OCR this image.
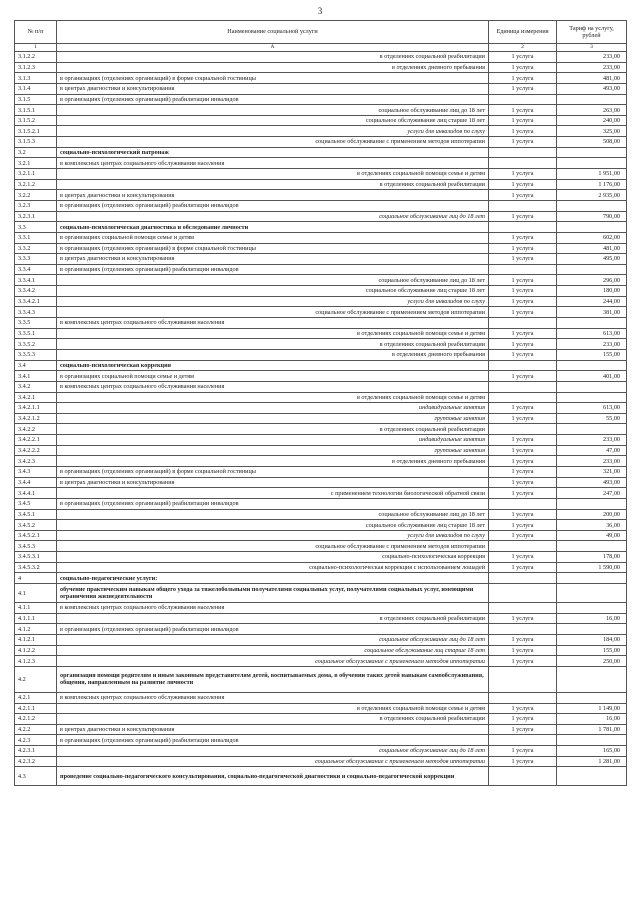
3
№ п/п	Наименование социальной услуги	Единица измерения	Тариф на услугу, рублей
1	А	2	3
3.1.2.2	в отделениях социальной реабилитации	1 услуга	233,00
3.1.2.3	в отделениях дневного пребывания	1 услуга	233,00
3.1.3	в организациях (отделениях организаций) в форме социальной гостиницы	1 услуга	481,00
3.1.4	в центрах диагностики и консультирования	1 услуга	493,00
3.1.5	в организациях (отделениях организаций) реабилитации инвалидов		
3.1.5.1	социальное обслуживание лиц до 18 лет	1 услуга	263,00
3.1.5.2	социальное обслуживание лиц старше 18 лет	1 услуга	240,00
3.1.5.2.1	услуги для инвалидов по слуху	1 услуга	325,00
3.1.5.3	социальное обслуживание с применением методов иппотерапии	1 услуга	508,00
3.2	социально-психологический патронаж		
3.2.1	в комплексных центрах социального обслуживания населения		
3.2.1.1	в отделениях социальной помощи семье и детям	1 услуга	1 951,00
3.2.1.2	в отделениях социальной реабилитации	1 услуга	1 176,00
3.2.2	в центрах диагностики и консультирования	1 услуга	2 935,00
3.2.3	в организациях (отделениях организаций) реабилитации инвалидов		
3.2.3.1	социальное обслуживание лиц до 18 лет	1 услуга	790,00
3.3	социально-психологическая диагностика и обследование личности		
3.3.1	в организациях социальной помощи семье и детям	1 услуга	602,00
3.3.2	в организациях (отделениях организаций) в форме социальной гостиницы	1 услуга	481,00
3.3.3	в центрах диагностики и консультирования	1 услуга	495,00
3.3.4	в организациях (отделениях организаций) реабилитации инвалидов		
3.3.4.1	социальное обслуживание лиц до 18 лет	1 услуга	296,00
3.3.4.2	социальное обслуживание лиц старше 18 лет	1 услуга	180,00
3.3.4.2.1	услуги для инвалидов по слуху	1 услуга	244,00
3.3.4.3	социальное обслуживание с применением методов иппотерапии	1 услуга	381,00
3.3.5	в комплексных центрах социального обслуживания населения		
3.3.5.1	в отделениях социальной помощи семье и детям	1 услуга	613,00
3.3.5.2	в отделениях социальной реабилитации	1 услуга	233,00
3.3.5.3	в отделениях дневного пребывания	1 услуга	155,00
3.4	социально-психологическая коррекция		
3.4.1	в организациях социальной помощи семье и детям	1 услуга	401,00
3.4.2	в комплексных центрах социального обслуживания населения		
3.4.2.1	в отделениях социальной помощи семье и детям		
3.4.2.1.1	индивидуальные занятия	1 услуга	613,00
3.4.2.1.2	групповые занятия	1 услуга	55,00
3.4.2.2	в отделениях социальной реабилитации		
3.4.2.2.1	индивидуальные занятия	1 услуга	233,00
3.4.2.2.2	групповые занятия	1 услуга	47,00
3.4.2.3	в отделениях дневного пребывания	1 услуга	233,00
3.4.3	в организациях (отделениях организаций) в форме социальной гостиницы	1 услуга	321,00
3.4.4	в центрах диагностики и консультирования	1 услуга	493,00
3.4.4.1	с применением технологии биологической обратной связи	1 услуга	247,00
3.4.5	в организациях (отделениях организаций) реабилитации инвалидов		
3.4.5.1	социальное обслуживание лиц до 18 лет	1 услуга	200,00
3.4.5.2	социальное обслуживание лиц старше 18 лет	1 услуга	36,00
3.4.5.2.1	услуги для инвалидов по слуху	1 услуга	49,00
3.4.5.3	социальное обслуживание с применением методов иппотерапии		
3.4.5.3.1	социально-психологическая коррекция	1 услуга	178,00
3.4.5.3.2	социально-психологическая коррекция с использованием лошадей	1 услуга	1 590,00
4	социально-педагогические услуги:		
4.1	обучение практическим навыкам общего ухода за тяжелобольными получателями социальных услуг, получателями социальных услуг, имеющими ограничения жизнедеятельности		
4.1.1	в комплексных центрах социального обслуживания населения		
4.1.1.1	в отделениях социальной реабилитации	1 услуга	16,00
4.1.2	в организациях (отделениях организаций) реабилитации инвалидов		
4.1.2.1	социальное обслуживание лиц до 18 лет	1 услуга	184,00
4.1.2.2	социальное обслуживание лиц старше 18 лет	1 услуга	155,00
4.1.2.3	социальное обслуживание с применением методов иппотерапии	1 услуга	250,00
4.2	организация помощи родителям и иным законным представителям детей, воспитываемых дома, в обучении таких детей навыкам самообслуживания, общения, направленным на развитие личности		
4.2.1	в комплексных центрах социального обслуживания населения		
4.2.1.1	в отделениях социальной помощи семье и детям	1 услуга	1 149,00
4.2.1.2	в отделениях социальной реабилитации	1 услуга	16,00
4.2.2	в центрах диагностики и консультирования	1 услуга	1 781,00
4.2.3	в организациях (отделениях организаций) реабилитации инвалидов		
4.2.3.1	социальное обслуживание лиц до 18 лет	1 услуга	165,00
4.2.3.2	социальное обслуживание с применением методов иппотерапии	1 услуга	1 281,00
4.3	проведение социально-педагогического консультирования, социально-педагогической диагностики и социально-педагогической коррекции		
